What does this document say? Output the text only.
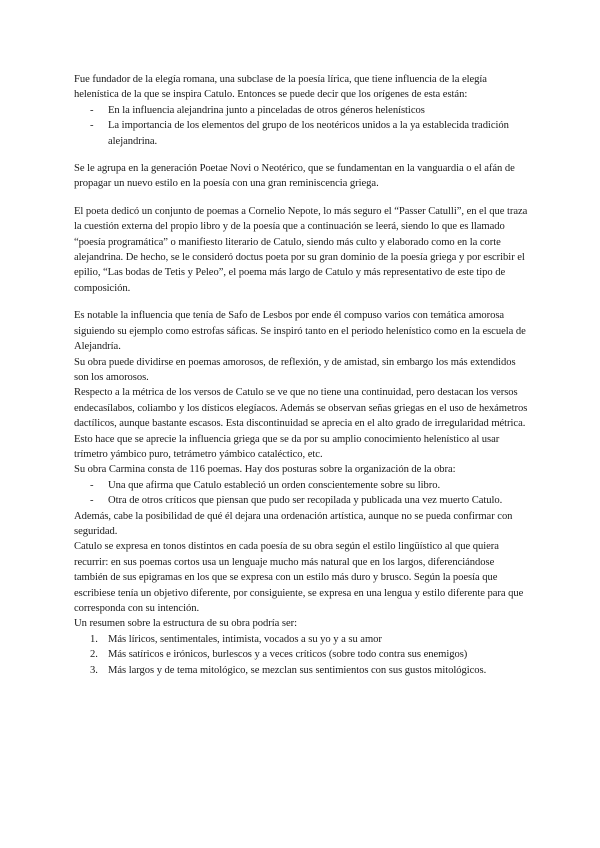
Fue fundador de la elegía romana, una subclase de la poesía lírica, que tiene influencia de la elegía helenística de la que se inspira Catulo. Entonces se puede decir que los orígenes de esta están:

- En la influencia alejandrina junto a pinceladas de otros géneros helenísticos
- La importancia de los elementos del grupo de los neotéricos unidos a la ya establecida tradición alejandrina.

Se le agrupa en la generación Poetae Novi o Neotérico, que se fundamentan en la vanguardia o el afán de propagar un nuevo estilo en la poesía con una gran reminiscencia griega.

El poeta dedicó un conjunto de poemas a Cornelio Nepote, lo más seguro el “Passer Catulli”, en el que traza la cuestión externa del propio libro y de la poesía que a continuación se leerá, siendo lo que es llamado “poesía programática” o manifiesto literario de Catulo, siendo más culto y elaborado como en la corte alejandrina. De hecho, se le consideró doctus poeta por su gran dominio de la poesía griega y por escribir el epilio, “Las bodas de Tetis y Peleo”, el poema más largo de Catulo y más representativo de este tipo de composición.

Es notable la influencia que tenía de Safo de Lesbos por ende él compuso varios con temática amorosa siguiendo su ejemplo como estrofas sáficas. Se inspiró tanto en el periodo helenístico como en la escuela de Alejandría.

Su obra puede dividirse en poemas amorosos, de reflexión, y de amistad, sin embargo los más extendidos son los amorosos.

Respecto a la métrica de los versos de Catulo se ve que no tiene una continuidad, pero destacan los versos endecasílabos, coliambo y los dísticos elegíacos. Además se observan señas griegas en el uso de hexámetros dactílicos, aunque bastante escasos. Esta discontinuidad se aprecia en el alto grado de irregularidad métrica.

Esto hace que se aprecie la influencia griega que se da por su amplio conocimiento helenístico al usar trímetro yámbico puro, tetrámetro yámbico cataléctico, etc.

Su obra Carmina consta de 116 poemas. Hay dos posturas sobre la organización de la obra:

- Una que afirma que Catulo estableció un orden conscientemente sobre su libro.
- Otra de otros críticos que piensan que pudo ser recopilada y publicada una vez muerto Catulo.

Además, cabe la posibilidad de qué él dejara una ordenación artística, aunque no se pueda confirmar con seguridad.

Catulo se expresa en tonos distintos en cada poesía de su obra según el estilo lingüístico al que quiera recurrir: en sus poemas cortos usa un lenguaje mucho más natural que en los largos, diferenciándose también de sus epigramas en los que se expresa con un estilo más duro y brusco. Según la poesía que escribiese tenía un objetivo diferente, por consiguiente, se expresa en una lengua y estilo diferente para que corresponda con su intención.

Un resumen sobre la estructura de su obra podría ser:

1. Más líricos, sentimentales, intimista, vocados a su yo y a su amor
2. Más satíricos e irónicos, burlescos y a veces críticos (sobre todo contra sus enemigos)
3. Más largos y de tema mitológico, se mezclan sus sentimientos con sus gustos mitológicos.
